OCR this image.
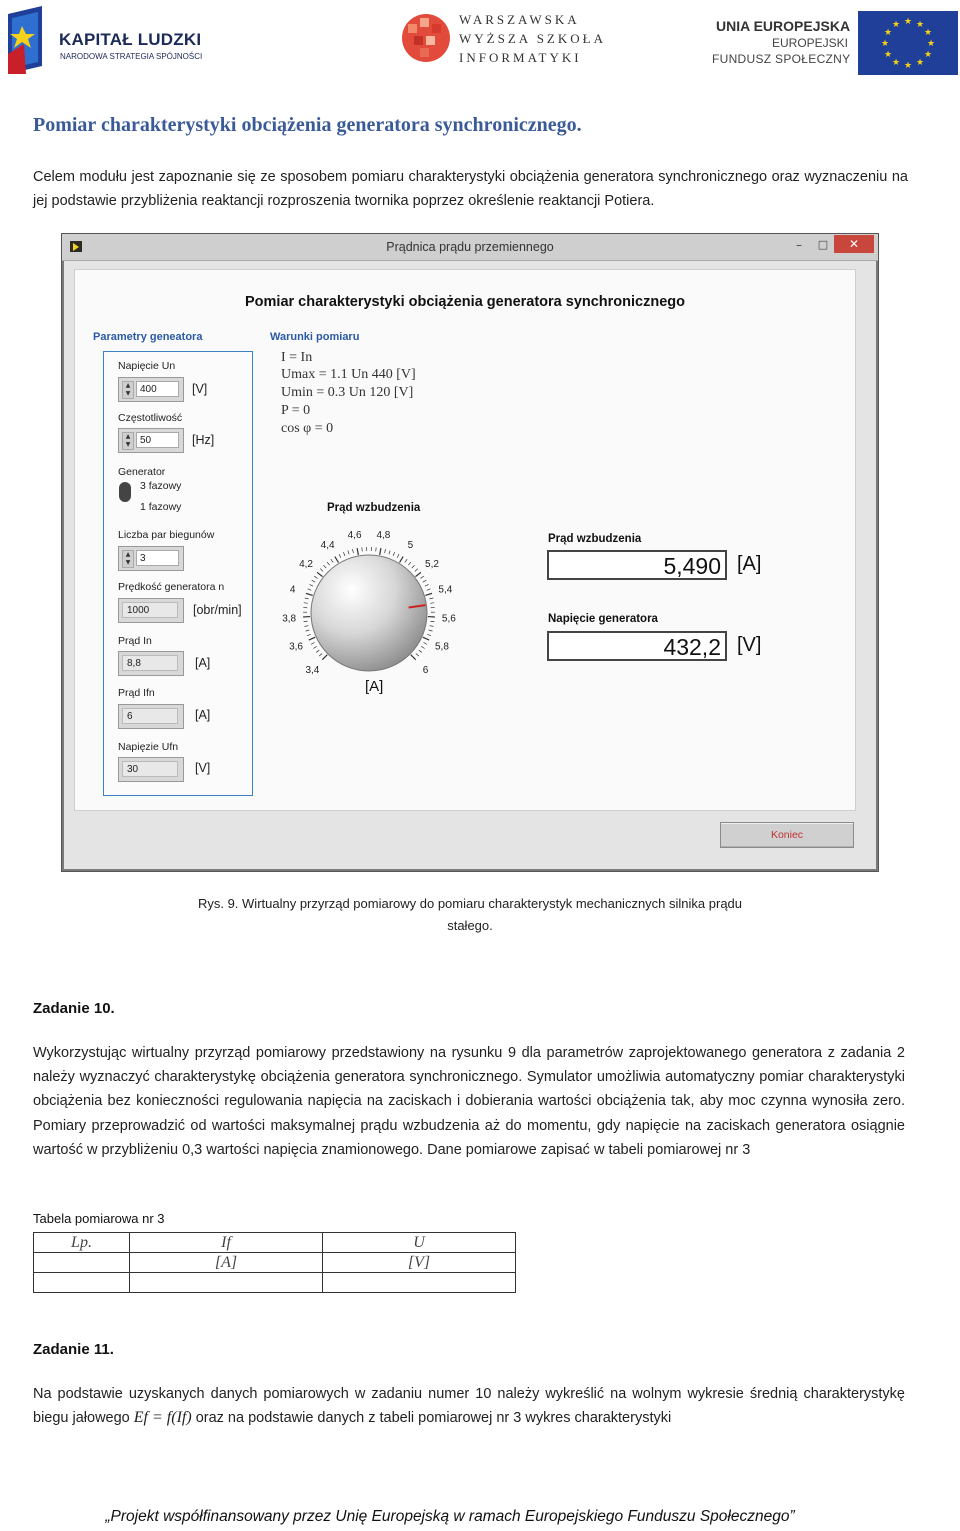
KAPITAŁ LUDZKI
NARODOWA STRATEGIA SPÓJNOŚCI
WARSZAWSKA
WYŻSZA SZKOŁA
INFORMATYKI
UNIA EUROPEJSKA
EUROPEJSKI
FUNDUSZ SPOŁECZNY
★ ★
★
★
★
★
★
★
★
★
★
★
Pomiar charakterystyki obciążenia generatora synchronicznego.
Celem modułu jest zapoznanie się ze sposobem pomiaru charakterystyki obciążenia generatora synchronicznego oraz wyznaczeniu na jej podstawie przybliżenia reaktancji rozproszenia twornika poprzez określenie reaktancji Potiera.
Prądnica prądu przemiennego	–	□	✕
Pomiar charakterystyki obciążenia generatora synchronicznego
Parametry geneatora	Warunki pomiaru
Napięcie Un
▲
▼ 400	[V]
Częstotliwość
▲
▼ 50	[Hz]
Generator
3 fazowy
1 fazowy
Liczba par biegunów
▲
▼ 3
Prędkość generatora n
1000	[obr/min]
Prąd In
8,8	[A]
Prąd Ifn
6	[A]
Napięzie Ufn
30	[V]
I = In
Umax = 1.1 Un 440 [V]
Umin = 0.3 Un 120 [V]
P = 0
cos φ = 0
Prąd wzbudzenia
3,4
3,6
3,8
4
4,2
4,4
4,6 4,8
5
5,2
5,4
5,6
5,8
6
[A]
Prąd wzbudzenia
5,490 [A]
Napięcie generatora
432,2 [V]
Koniec
Rys. 9. Wirtualny przyrząd pomiarowy do pomiaru charakterystyk mechanicznych silnika prądu
stałego.
Zadanie 10.
Wykorzystując wirtualny przyrząd pomiarowy przedstawiony na rysunku 9 dla parametrów zaprojektowanego generatora z zadania 2 należy wyznaczyć charakterystykę obciążenia generatora synchronicznego. Symulator umożliwia automatyczny pomiar charakterystyki obciążenia bez konieczności regulowania napięcia na zaciskach i dobierania wartości obciążenia tak, aby moc czynna wynosiła zero. Pomiary przeprowadzić od wartości maksymalnej prądu wzbudzenia aż do momentu, gdy napięcie na zaciskach generatora osiągnie wartość w przybliżeniu 0,3 wartości napięcia znamionowego. Dane pomiarowe zapisać w tabeli pomiarowej nr 3
Tabela pomiarowa nr 3
Lp.	If	U
	[A]	[V]

Zadanie 11.
Na podstawie uzyskanych danych pomiarowych w zadaniu numer 10 należy wykreślić na wolnym wykresie średnią charakterystykę biegu jałowego Ef = f(If) oraz na podstawie danych z tabeli pomiarowej nr 3 wykres charakterystyki
„Projekt współfinansowany przez Unię Europejską w ramach Europejskiego Funduszu Społecznego”
